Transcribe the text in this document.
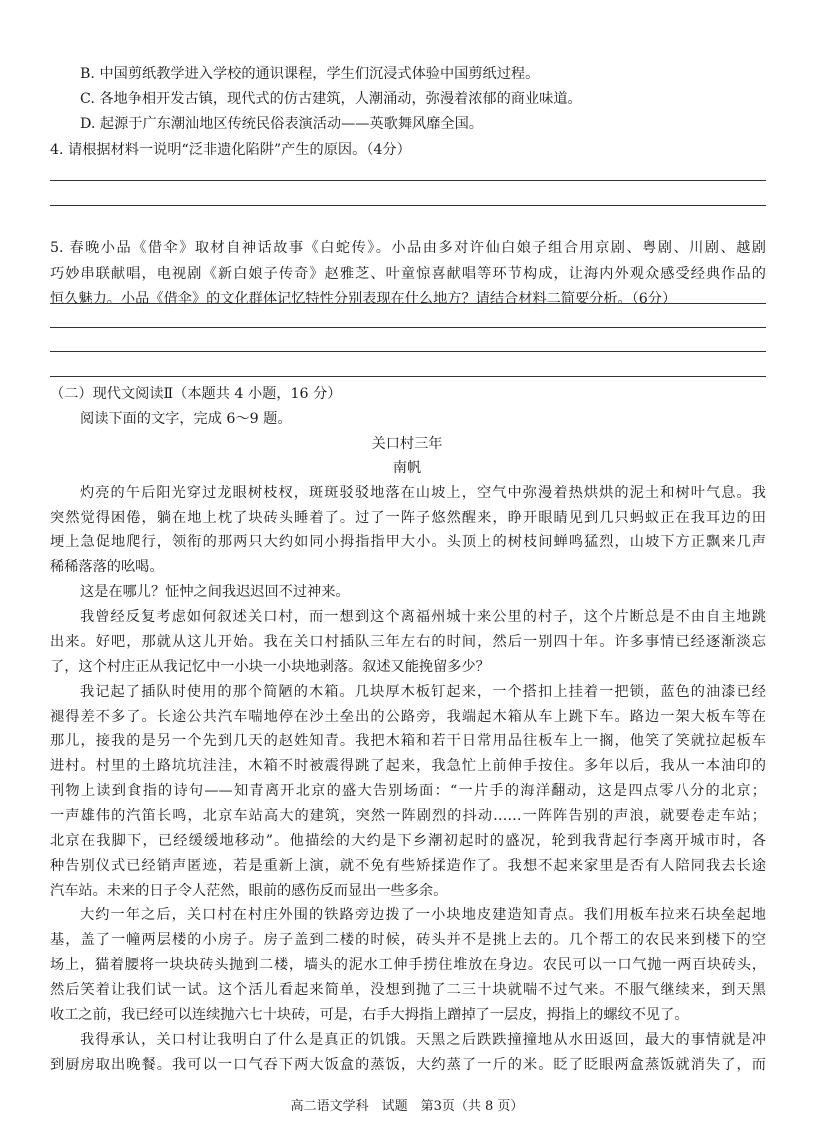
B. 中国剪纸教学进入学校的通识课程，学生们沉浸式体验中国剪纸过程。
C. 各地争相开发古镇，现代式的仿古建筑，人潮涌动，弥漫着浓郁的商业味道。
D. 起源于广东潮汕地区传统民俗表演活动——英歌舞风靡全国。
4. 请根据材料一说明“泛非遗化陷阱”产生的原因。（4分）
5. 春晚小品《借伞》取材自神话故事《白蛇传》。小品由多对许仙白娘子组合用京剧、粤剧、川剧、越剧
巧妙串联献唱，电视剧《新白娘子传奇》赵雅芝、叶童惊喜献唱等环节构成，让海内外观众感受经典作品的
恒久魅力。小品《借伞》的文化群体记忆特性分别表现在什么地方？请结合材料二简要分析。（6分）
（二）现代文阅读Ⅱ（本题共 4 小题，16 分）
阅读下面的文字，完成 6～9 题。
关口村三年
南帆
灼亮的午后阳光穿过龙眼树枝杈，斑斑驳驳地落在山坡上，空气中弥漫着热烘烘的泥土和树叶气息。我
突然觉得困倦，躺在地上枕了块砖头睡着了。过了一阵子悠然醒来，睁开眼睛见到几只蚂蚁正在我耳边的田
埂上急促地爬行，领衔的那两只大约如同小拇指指甲大小。头顶上的树枝间蝉鸣猛烈，山坡下方正飘来几声
稀稀落落的吆喝。
这是在哪儿？怔忡之间我迟迟回不过神来。
我曾经反复考虑如何叙述关口村，而一想到这个离福州城十来公里的村子，这个片断总是不由自主地跳
出来。好吧，那就从这儿开始。我在关口村插队三年左右的时间，然后一别四十年。许多事情已经逐渐淡忘
了，这个村庄正从我记忆中一小块一小块地剥落。叙述又能挽留多少？
我记起了插队时使用的那个简陋的木箱。几块厚木板钉起来，一个搭扣上挂着一把锁，蓝色的油漆已经
褪得差不多了。长途公共汽车喘地停在沙土垒出的公路旁，我端起木箱从车上跳下车。路边一架大板车等在
那儿，接我的是另一个先到几天的赵姓知青。我把木箱和若干日常用品往板车上一搁，他笑了笑就拉起板车
进村。村里的土路坑坑洼洼，木箱不时被震得跳了起来，我急忙上前伸手按住。多年以后，我从一本油印的
刊物上读到食指的诗句——知青离开北京的盛大告别场面：“一片手的海洋翻动，这是四点零八分的北京；
一声雄伟的汽笛长鸣，北京车站高大的建筑，突然一阵剧烈的抖动……一阵阵告别的声浪，就要卷走车站；
北京在我脚下，已经缓缓地移动”。他描绘的大约是下乡潮初起时的盛况，轮到我背起行李离开城市时，各
种告别仪式已经销声匿迹，若是重新上演，就不免有些矫揉造作了。我想不起来家里是否有人陪同我去长途
汽车站。未来的日子令人茫然，眼前的感伤反而显出一些多余。
大约一年之后，关口村在村庄外围的铁路旁边拨了一小块地皮建造知青点。我们用板车拉来石块垒起地
基，盖了一幢两层楼的小房子。房子盖到二楼的时候，砖头并不是挑上去的。几个帮工的农民来到楼下的空
场上，猫着腰将一块块砖头抛到二楼，墙头的泥水工伸手捞住堆放在身边。农民可以一口气抛一两百块砖头，
然后笑着让我们试一试。这个活儿看起来简单，没想到抛了二三十块就喘不过气来。不服气继续来，到天黑
收工之前，我已经可以连续抛六七十块砖，可是，右手大拇指上蹭掉了一层皮，拇指上的螺纹不见了。
我得承认，关口村让我明白了什么是真正的饥饿。天黑之后跌跌撞撞地从水田返回，最大的事情就是冲
到厨房取出晚餐。我可以一口气吞下两大饭盒的蒸饭，大约蒸了一斤的米。眨了眨眼两盒蒸饭就消失了，而
高二语文学科　试题　第3页（共 8 页）
